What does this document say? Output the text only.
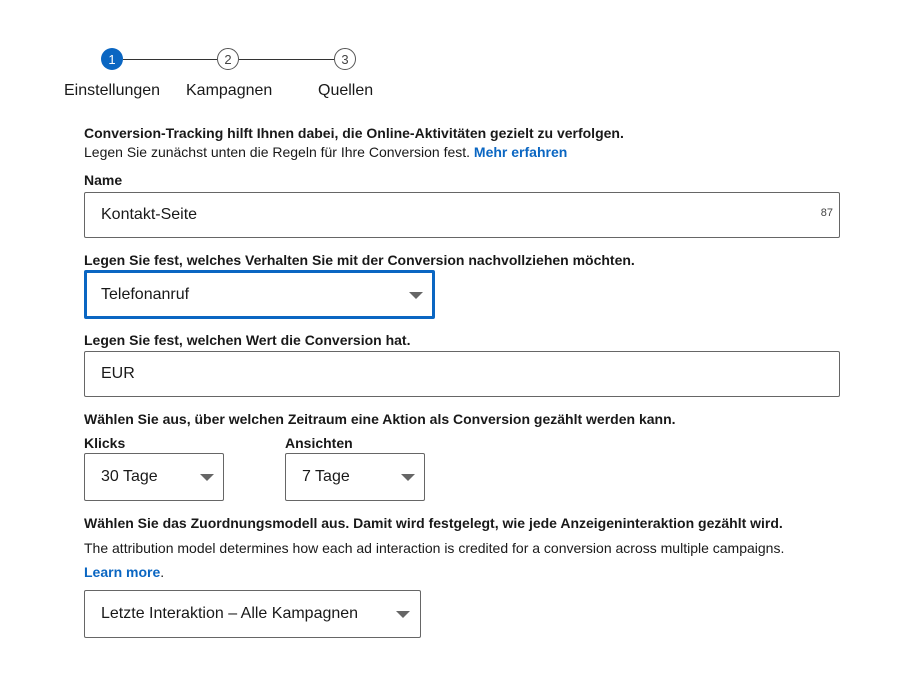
1	2	3
Einstellungen Kampagnen	Quellen
Conversion-Tracking hilft Ihnen dabei, die Online-Aktivitäten gezielt zu verfolgen.
Legen Sie zunächst unten die Regeln für Ihre Conversion fest. Mehr erfahren
Name
Kontakt-Seite	87
Legen Sie fest, welches Verhalten Sie mit der Conversion nachvollziehen möchten.
Telefonanruf
Legen Sie fest, welchen Wert die Conversion hat.
EUR
Wählen Sie aus, über welchen Zeitraum eine Aktion als Conversion gezählt werden kann.
Klicks	Ansichten
30 Tage	7 Tage
Wählen Sie das Zuordnungsmodell aus. Damit wird festgelegt, wie jede Anzeigeninteraktion gezählt wird.
The attribution model determines how each ad interaction is credited for a conversion across multiple campaigns.
Learn more.
Letzte Interaktion – Alle Kampagnen
